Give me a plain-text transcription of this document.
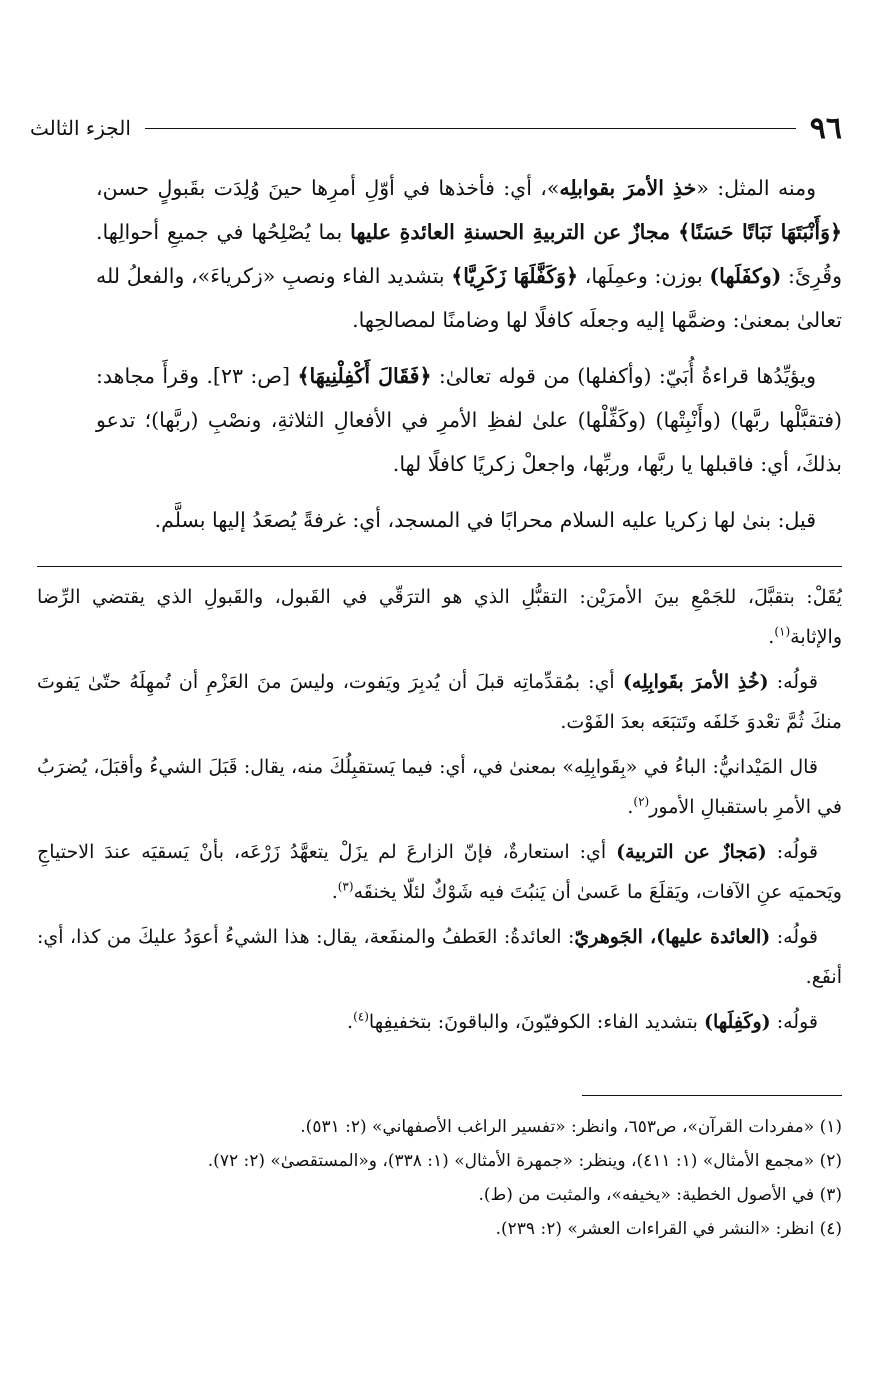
٩٦
الجزء الثالث

ومنه المثل: «خذِ الأمرَ بقوابلِه»، أي: فأخذها في أوّلِ أمرِها حينَ وُلِدَت بقَبولٍ حسن، ﴿وَأَنْبَتَهَا نَبَاتًا حَسَنًا﴾ مجازٌ عن التربيةِ الحسنةِ العائدةِ عليها بما يُصْلِحُها في جميعِ أحوالِها. وقُرِئَ: (وكفَلَها) بوزن: وعمِلَها، ﴿وَكَفَّلَهَا زَكَرِيَّا﴾ بتشديد الفاء ونصبِ «زكرياءَ»، والفعلُ لله تعالىٰ بمعنىٰ: وضمَّها إليه وجعلَه كافلًا لها وضامنًا لمصالحِها.

ويؤيِّدُها قراءةُ أُبَيّ: (وأكفلها) من قوله تعالىٰ: ﴿فَقَالَ أَكْفِلْنِيهَا﴾ [ص: ٢٣]. وقرأَ مجاهد: (فتقبَّلْها ربَّها) (وأَنْبِتْها) (وكَفِّلْها) علىٰ لفظِ الأمرِ في الأفعالِ الثلاثةِ، ونصْبِ (ربَّها)؛ تدعو بذلكَ، أي: فاقبلها يا ربَّها، وربِّها، واجعلْ زكريًا كافلًا لها.

قيل: بنىٰ لها زكريا عليه السلام محرابًا في المسجد، أي: غرفةً يُصعَدُ إليها بسلَّم.

يُقَلْ: بتقبَّلَ، للجَمْعِ بينَ الأمرَيْن: التقبُّلِ الذي هو الترَقّي في القَبول، والقَبولِ الذي يقتضي الرِّضا والإثابة$^{(١)}$.

قولُه: (خُذِ الأمرَ بقَوابِلِه) أي: بمُقدِّماتِه قبلَ أن يُدبِرَ ويَفوت، وليسَ منَ العَزْمِ أن تُمهِلَهُ حتّىٰ يَفوتَ منكَ ثُمَّ تعْدوَ خَلفَه وتَتبَعَه بعدَ الفَوْت.

قال المَيْدانيُّ: الباءُ في «بِقَوابِلِه» بمعنىٰ في، أي: فيما يَستقبِلُكَ منه، يقال: قَبَلَ الشيءُ وأقبَلَ، يُضرَبُ في الأمرِ باستقبالِ الأمور$^{(٢)}$.

قولُه: (مَجازٌ عن التربية) أي: استعارةٌ، فإنّ الزارعَ لم يزَلْ يتعهَّدُ زَرْعَه، بأنْ يَسقيَه عندَ الاحتياجِ ويَحميَه عنِ الآفات، ويَقلَعَ ما عَسىٰ أن يَنبُتَ فيه شَوْكٌ لئلّا يخنقَه$^{(٣)}$.

قولُه: (العائدة عليها)، الجَوهريّ: العائدةُ: العَطفُ والمنفَعة، يقال: هذا الشيءُ أعوَدُ عليكَ من كذا، أي: أنفَع.

قولُه: (وكَفِلَها) بتشديد الفاء: الكوفيّونَ، والباقونَ: بتخفيفِها$^{(٤)}$.

(١) «مفردات القرآن»، ص٦٥٣، وانظر: «تفسير الراغب الأصفهاني» (٢: ٥٣١).

(٢) «مجمع الأمثال» (١: ٤١١)، وينظر: «جمهرة الأمثال» (١: ٣٣٨)، و«المستقصىٰ» (٢: ٧٢).

(٣) في الأصول الخطية: «يخيفه»، والمثبت من (ط).

(٤) انظر: «النشر في القراءات العشر» (٢: ٢٣٩).
